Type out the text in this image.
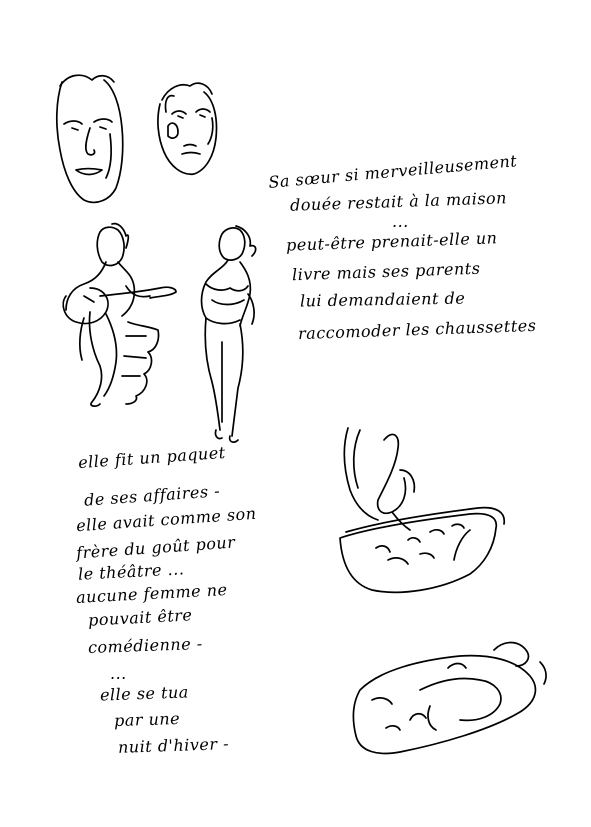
Sa sœur si merveilleusement

douée restait à la maison

...

peut-être prenait-elle un

livre mais ses parents

lui demandaient de

raccomoder les chaussettes

elle fit un paquet

de ses affaires -

elle avait comme son

frère du goût pour

le théâtre ...

aucune femme ne

pouvait être

comédienne -

...

elle se tua

par une

nuit d'hiver -
